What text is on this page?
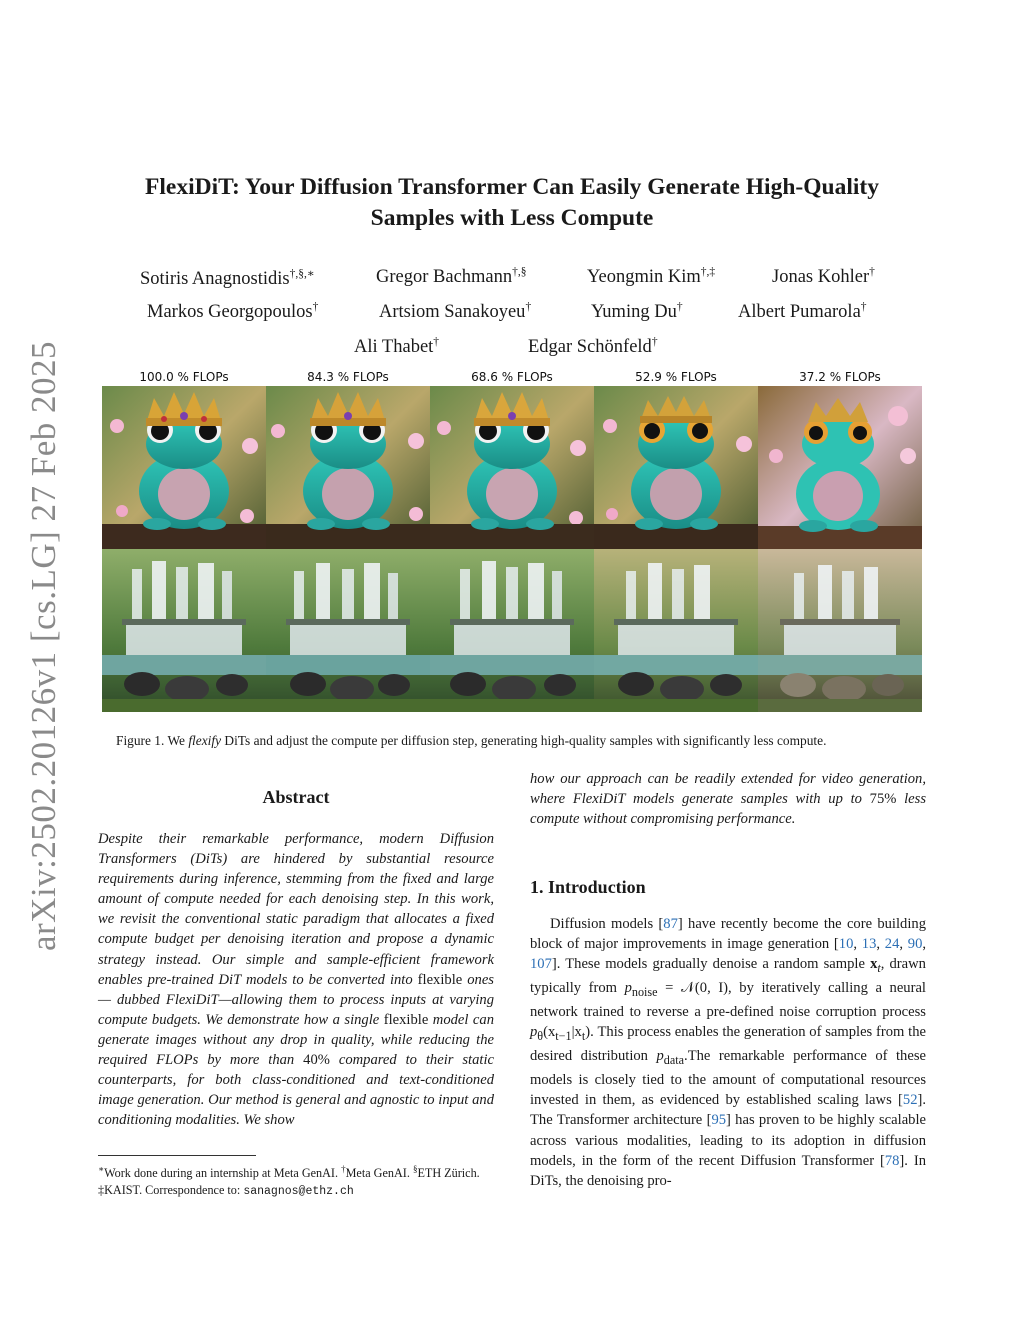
arXiv:2502.20126v1 [cs.LG] 27 Feb 2025
FlexiDiT: Your Diffusion Transformer Can Easily Generate High-Quality
Samples with Less Compute
Sotiris Anagnostidis†,§,∗	Gregor Bachmann†,§	Yeongmin Kim†,‡	Jonas Kohler†
Markos Georgopoulos†	Artsiom Sanakoyeu†	Yuming Du†	Albert Pumarola†
Ali Thabet†	Edgar Schönfeld†
100.0 % FLOPs	84.3 % FLOPs	68.6 % FLOPs	52.9 % FLOPs	37.2 % FLOPs
Figure 1. We flexify DiTs and adjust the compute per diffusion step, generating high-quality samples with significantly less compute.
Abstract
Despite their remarkable performance, modern Diffusion Transformers (DiTs) are hindered by substantial resource requirements during inference, stemming from the fixed and large amount of compute needed for each denoising step. In this work, we revisit the conventional static paradigm that allocates a fixed compute budget per denoising iteration and propose a dynamic strategy instead. Our simple and sample-efficient framework enables pre-trained DiT models to be converted into flexible ones — dubbed FlexiDiT—allowing them to process inputs at varying compute budgets. We demonstrate how a single flexible model can generate images without any drop in quality, while reducing the required FLOPs by more than 40% compared to their static counterparts, for both class-conditioned and text-conditioned image generation. Our method is general and agnostic to input and conditioning modalities. We show
∗Work done during an internship at Meta GenAI. †Meta GenAI. §ETH Zürich. ‡KAIST. Correspondence to: sanagnos@ethz.ch
how our approach can be readily extended for video generation, where FlexiDiT models generate samples with up to 75% less compute without compromising performance.
1. Introduction
Diffusion models [87] have recently become the core building block of major improvements in image generation [10, 13, 24, 90, 107]. These models gradually denoise a random sample $x_t$, drawn typically from $p_{noise}$ = 𝒩(0, I), by iteratively calling a neural network trained to reverse a pre-defined noise corruption process $p_\theta(x_{t-1}|x_t)$. This process enables the generation of samples from the desired distribution $p_{data}.The$ remarkable performance of these models is closely tied to the amount of computational resources invested in them, as evidenced by established scaling laws [52]. The Transformer architecture [95] has proven to be highly scalable across various modalities, leading to its adoption in diffusion models, in the form of the recent Diffusion Transformer [78]. In DiTs, the denoising pro-
